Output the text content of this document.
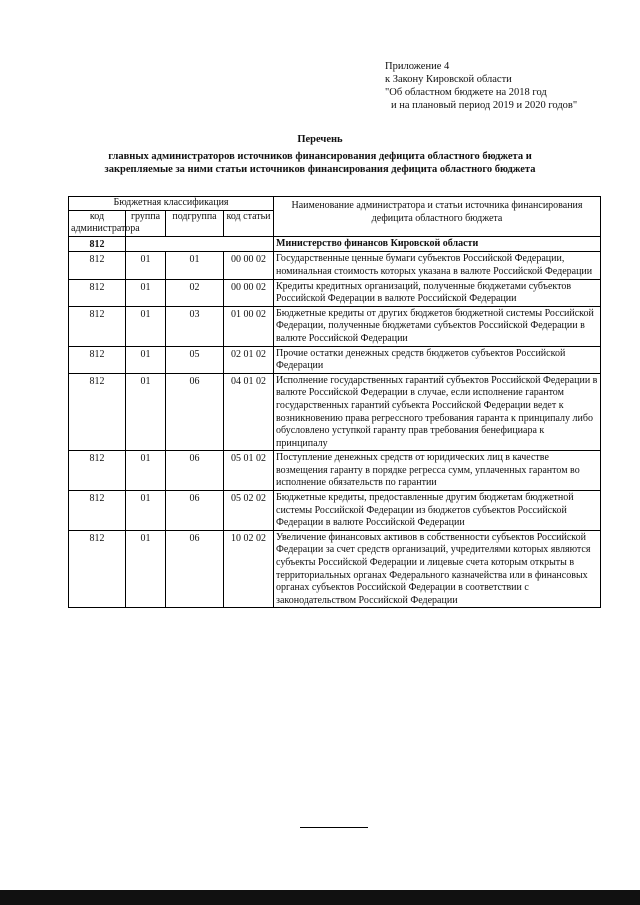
Приложение 4
к Закону Кировской области
"Об областном бюджете на 2018 год
и на плановый период 2019 и 2020 годов"
Перечень
главных администраторов источников финансирования дефицита областного бюджета и
закрепляемые за ними статьи источников финансирования дефицита областного бюджета
Бюджетная классификация				Наименование администратора и статьи источника финансирования дефицита областного бюджета
код администратора	группа	подгруппа	код статьи	
812				Министерство финансов Кировской области
812	01	01	00 00 02	Государственные ценные бумаги субъектов Российской Федерации, номинальная стоимость которых указана в валюте Российской Федерации
812	01	02	00 00 02	Кредиты кредитных организаций, полученные бюджетами субъектов Российской Федерации в валюте Российской Федерации
812	01	03	01 00 02	Бюджетные кредиты от других бюджетов бюджетной системы Российской Федерации, полученные бюджетами субъектов Российской Федерации в валюте Российской Федерации
812	01	05	02 01 02	Прочие остатки денежных средств бюджетов субъектов Российской Федерации
812	01	06	04 01 02	Исполнение государственных гарантий субъектов Российской Федерации в валюте Российской Федерации в случае, если исполнение гарантом государственных гарантий субъекта Российской Федерации ведет к возникновению права регрессного требования гаранта к принципалу либо обусловлено уступкой гаранту прав требования бенефициара к принципалу
812	01	06	05 01 02	Поступление денежных средств от юридических лиц в качестве возмещения гаранту в порядке регресса сумм, уплаченных гарантом во исполнение обязательств по гарантии
812	01	06	05 02 02	Бюджетные кредиты, предоставленные другим бюджетам бюджетной системы Российской Федерации из бюджетов субъектов Российской Федерации в валюте Российской Федерации
812	01	06	10 02 02	Увеличение финансовых активов в собственности субъектов Российской Федерации за счет средств организаций, учредителями которых являются субъекты Российской Федерации и лицевые счета которым открыты в территориальных органах Федерального казначейства или в финансовых органах субъектов Российской Федерации в соответствии с законодательством Российской Федерации
